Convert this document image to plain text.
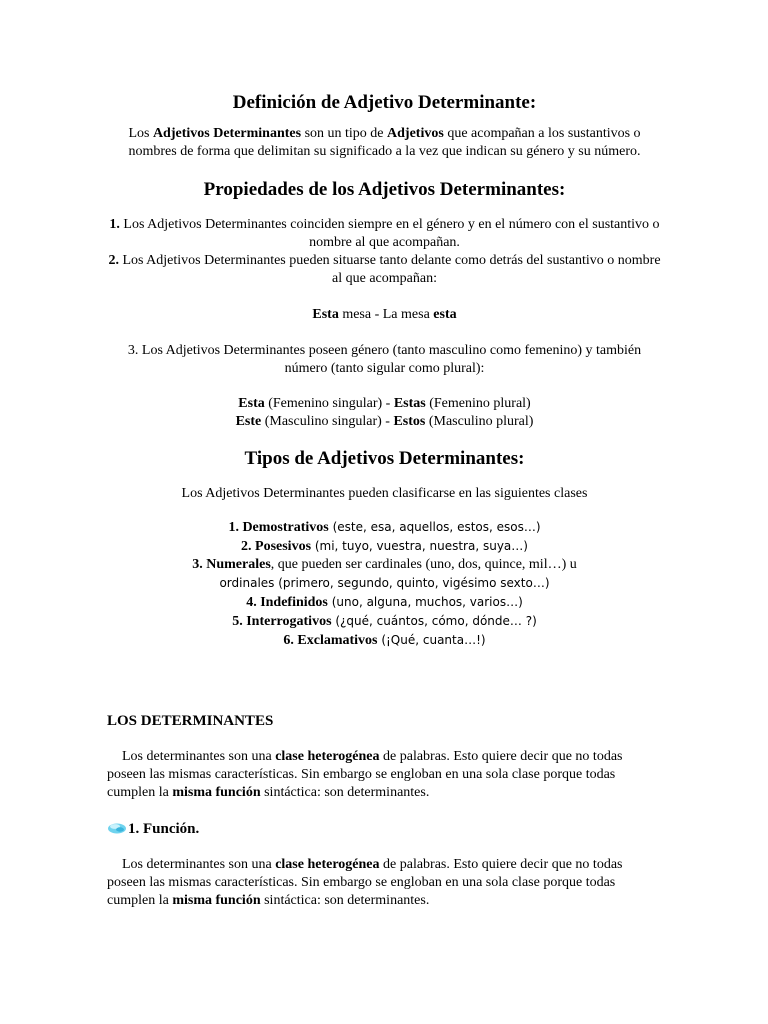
Definición de Adjetivo Determinante:

Los Adjetivos Determinantes son un tipo de Adjetivos que acompañan a los sustantivos o nombres de forma que delimitan su significado a la vez que indican su género y su número.

Propiedades de los Adjetivos Determinantes:

1. Los Adjetivos Determinantes coinciden siempre en el género y en el número con el sustantivo o nombre al que acompañan.

2. Los Adjetivos Determinantes pueden situarse tanto delante como detrás del sustantivo o nombre al que acompañan:

Esta mesa - La mesa esta

3. Los Adjetivos Determinantes poseen género (tanto masculino como femenino) y también número (tanto sigular como plural):

Esta (Femenino singular) - Estas (Femenino plural)

Este (Masculino singular) - Estos (Masculino plural)

Tipos de Adjetivos Determinantes:

Los Adjetivos Determinantes pueden clasificarse en las siguientes clases

1. Demostrativos (este, esa, aquellos, estos, esos…)

2. Posesivos (mi, tuyo, vuestra, nuestra, suya…)

3. Numerales, que pueden ser cardinales (uno, dos, quince, mil…) u
ordinales (primero, segundo, quinto, vigésimo sexto…)

4. Indefinidos (uno, alguna, muchos, varios…)

5. Interrogativos (¿qué, cuántos, cómo, dónde… ?)

6. Exclamativos (¡Qué, cuanta…!)

LOS DETERMINANTES

Los determinantes son una clase heterogénea de palabras. Esto quiere decir que no todas poseen las mismas características. Sin embargo se engloban en una sola clase porque todas cumplen la misma función sintáctica: son determinantes.

1. Función.

Los determinantes son una clase heterogénea de palabras. Esto quiere decir que no todas poseen las mismas características. Sin embargo se engloban en una sola clase porque todas cumplen la misma función sintáctica: son determinantes.
